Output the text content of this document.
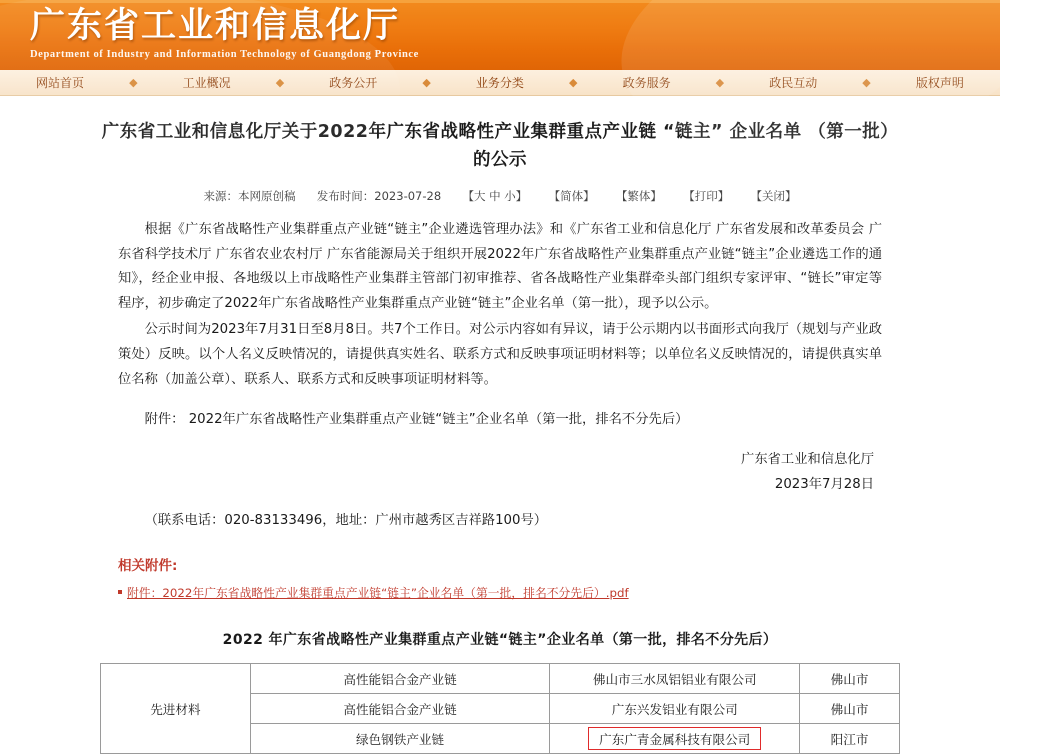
广东省工业和信息化厅
Department of Industry and Information Technology of Guangdong Province
网站首页	◆	工业概况	◆	政务公开	◆	业务分类	◆	政务服务	◆	政民互动	◆	版权声明
广东省工业和信息化厅关于2022年广东省战略性产业集群重点产业链 “链主” 企业名单 （第一批）的公示
来源：本网原创稿 发布时间：2023-07-28 【大 中 小】 【简体】 【繁体】 【打印】 【关闭】

根据《广东省战略性产业集群重点产业链“链主”企业遴选管理办法》和《广东省工业和信息化厅 广东省发展和改革委员会 广东省科学技术厅 广东省农业农村厅 广东省能源局关于组织开展2022年广东省战略性产业集群重点产业链“链主”企业遴选工作的通知》，经企业申报、各地级以上市战略性产业集群主管部门初审推荐、省各战略性产业集群牵头部门组织专家评审、“链长”审定等程序，初步确定了2022年广东省战略性产业集群重点产业链“链主”企业名单（第一批），现予以公示。

公示时间为2023年7月31日至8月8日。共7个工作日。对公示内容如有异议，请于公示期内以书面形式向我厅（规划与产业政策处）反映。以个人名义反映情况的，请提供真实姓名、联系方式和反映事项证明材料等；以单位名义反映情况的，请提供真实单位名称（加盖公章）、联系人、联系方式和反映事项证明材料等。

附件： 2022年广东省战略性产业集群重点产业链“链主”企业名单（第一批，排名不分先后）

广东省工业和信息化厅
2023年7月28日
（联系电话：020-83133496，地址：广州市越秀区吉祥路100号）
相关附件:
附件：2022年广东省战略性产业集群重点产业链“链主”企业名单（第一批，排名不分先后）.pdf
2022 年广东省战略性产业集群重点产业链“链主”企业名单（第一批，排名不分先后）
先进材料	高性能铝合金产业链	佛山市三水凤铝铝业有限公司	佛山市
	高性能铝合金产业链	广东兴发铝业有限公司	佛山市
	绿色钢铁产业链	广东广青金属科技有限公司	阳江市
